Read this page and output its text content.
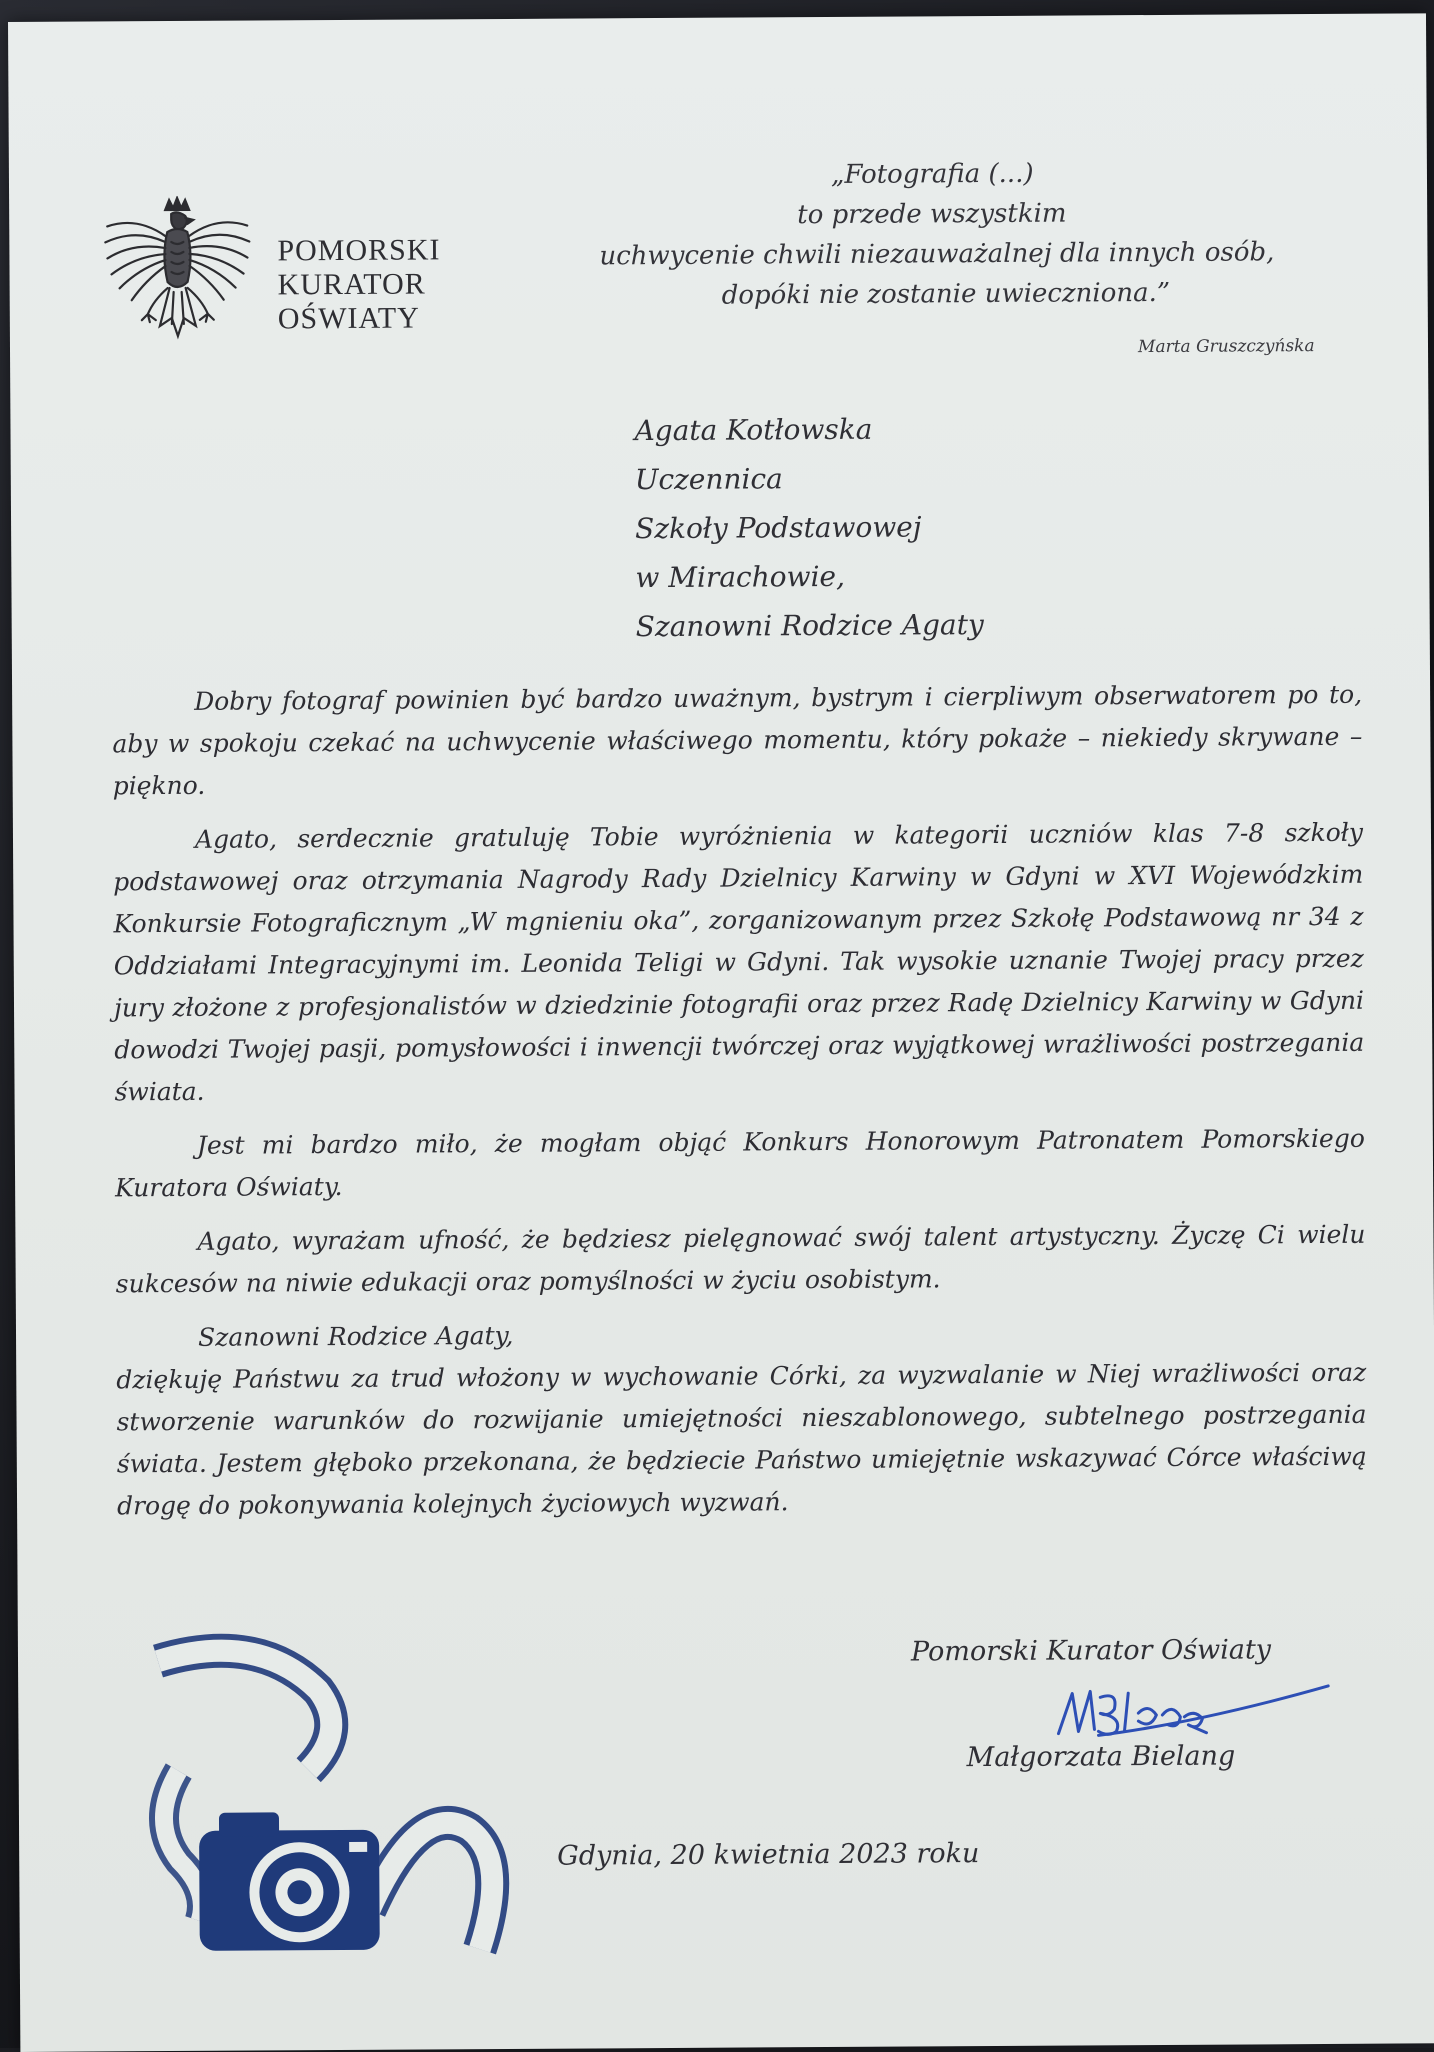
POMORSKI
KURATOR
OŚWIATY
„Fotografia (...)
to przede wszystkim
uchwycenie chwili niezauważalnej dla innych osób,
dopóki nie zostanie uwieczniona.”
Marta Gruszczyńska
Agata Kotłowska
Uczennica
Szkoły Podstawowej
w Mirachowie,
Szanowni Rodzice Agaty

Dobry fotograf powinien być bardzo uważnym, bystrym i cierpliwym obserwatorem po to, aby w spokoju czekać na uchwycenie właściwego momentu, który pokaże – niekiedy skrywane – piękno.

Agato, serdecznie gratuluję Tobie wyróżnienia w kategorii uczniów klas 7-8 szkoły podstawowej oraz otrzymania Nagrody Rady Dzielnicy Karwiny w Gdyni w XVI Wojewódzkim Konkursie Fotograficznym „W mgnieniu oka”, zorganizowanym przez Szkołę Podstawową nr 34 z Oddziałami Integracyjnymi im. Leonida Teligi w Gdyni. Tak wysokie uznanie Twojej pracy przez jury złożone z profesjonalistów w dziedzinie fotografii oraz przez Radę Dzielnicy Karwiny w Gdyni dowodzi Twojej pasji, pomysłowości i inwencji twórczej oraz wyjątkowej wrażliwości postrzegania świata.

Jest mi bardzo miło, że mogłam objąć Konkurs Honorowym Patronatem Pomorskiego Kuratora Oświaty.

Agato, wyrażam ufność, że będziesz pielęgnować swój talent artystyczny. Życzę Ci wielu sukcesów na niwie edukacji oraz pomyślności w życiu osobistym.

Szanowni Rodzice Agaty,

dziękuję Państwu za trud włożony w wychowanie Córki, za wyzwalanie w Niej wrażliwości oraz stworzenie warunków do rozwijanie umiejętności nieszablonowego, subtelnego postrzegania świata. Jestem głęboko przekonana, że będziecie Państwo umiejętnie wskazywać Córce właściwą drogę do pokonywania kolejnych życiowych wyzwań.

Pomorski Kurator Oświaty
Małgorzata Bielang
Gdynia, 20 kwietnia 2023 roku
